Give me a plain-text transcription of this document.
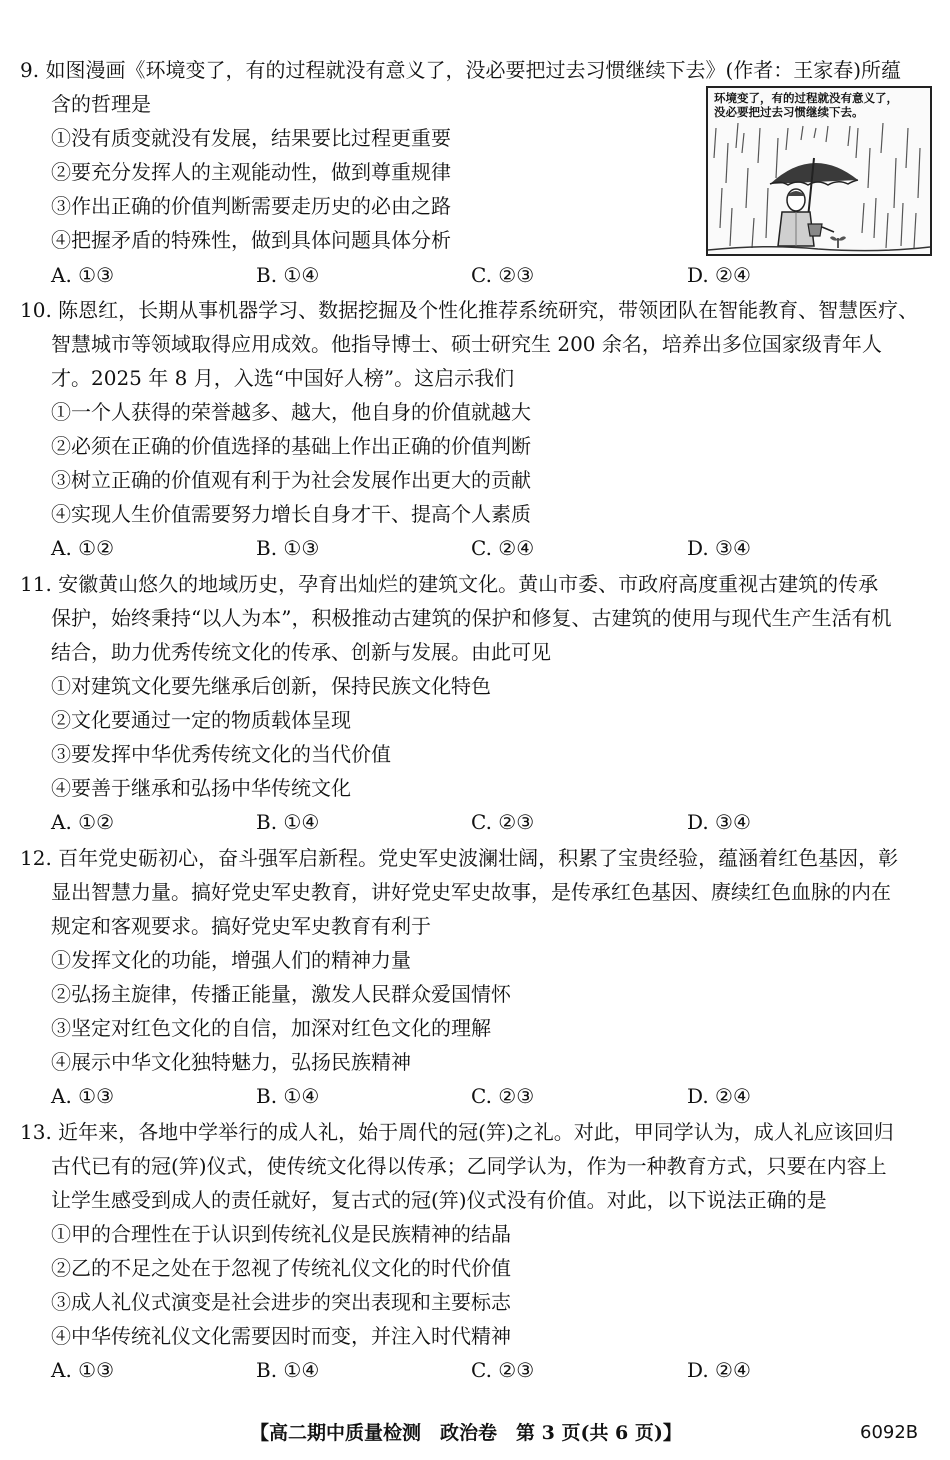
9. 如图漫画《环境变了，有的过程就没有意义了，没必要把过去习惯继续下去》(作者：王家春)所蕴
含的哲理是
①没有质变就没有发展，结果要比过程更重要
②要充分发挥人的主观能动性，做到尊重规律
③作出正确的价值判断需要走历史的必由之路
④把握矛盾的特殊性，做到具体问题具体分析
A. ①③	B. ①④	C. ②③	D. ②④
环境变了，有的过程就没有意义了，
没必要把过去习惯继续下去。
10. 陈恩红，长期从事机器学习、数据挖掘及个性化推荐系统研究，带领团队在智能教育、智慧医疗、
智慧城市等领域取得应用成效。他指导博士、硕士研究生 200 余名，培养出多位国家级青年人
才。2025 年 8 月，入选“中国好人榜”。这启示我们
①一个人获得的荣誉越多、越大，他自身的价值就越大
②必须在正确的价值选择的基础上作出正确的价值判断
③树立正确的价值观有利于为社会发展作出更大的贡献
④实现人生价值需要努力增长自身才干、提高个人素质
A. ①②	B. ①③	C. ②④	D. ③④
11. 安徽黄山悠久的地域历史，孕育出灿烂的建筑文化。黄山市委、市政府高度重视古建筑的传承
保护，始终秉持“以人为本”，积极推动古建筑的保护和修复、古建筑的使用与现代生产生活有机
结合，助力优秀传统文化的传承、创新与发展。由此可见
①对建筑文化要先继承后创新，保持民族文化特色
②文化要通过一定的物质载体呈现
③要发挥中华优秀传统文化的当代价值
④要善于继承和弘扬中华传统文化
A. ①②	B. ①④	C. ②③	D. ③④
12. 百年党史砺初心，奋斗强军启新程。党史军史波澜壮阔，积累了宝贵经验，蕴涵着红色基因，彰
显出智慧力量。搞好党史军史教育，讲好党史军史故事，是传承红色基因、赓续红色血脉的内在
规定和客观要求。搞好党史军史教育有利于
①发挥文化的功能，增强人们的精神力量
②弘扬主旋律，传播正能量，激发人民群众爱国情怀
③坚定对红色文化的自信，加深对红色文化的理解
④展示中华文化独特魅力，弘扬民族精神
A. ①③	B. ①④	C. ②③	D. ②④
13. 近年来，各地中学举行的成人礼，始于周代的冠(笄)之礼。对此，甲同学认为，成人礼应该回归
古代已有的冠(笄)仪式，使传统文化得以传承；乙同学认为，作为一种教育方式，只要在内容上
让学生感受到成人的责任就好，复古式的冠(笄)仪式没有价值。对此，以下说法正确的是
①甲的合理性在于认识到传统礼仪是民族精神的结晶
②乙的不足之处在于忽视了传统礼仪文化的时代价值
③成人礼仪式演变是社会进步的突出表现和主要标志
④中华传统礼仪文化需要因时而变，并注入时代精神
A. ①③	B. ①④	C. ②③	D. ②④
【高二期中质量检测　政治卷　第 3 页(共 6 页)】	6092B
